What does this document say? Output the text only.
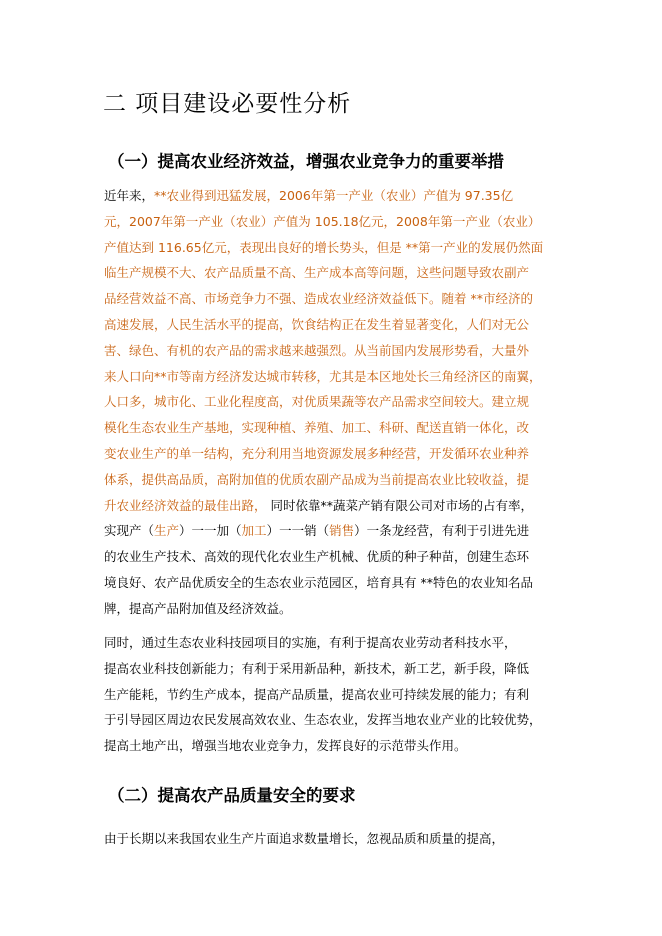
二 项目建设必要性分析
（一）提高农业经济效益，增强农业竞争力的重要举措
近年来，**农业得到迅猛发展，2006年第一产业（农业）产值为 97.35亿
元，2007年第一产业（农业）产值为 105.18亿元，2008年第一产业（农业）
产值达到 116.65亿元，表现出良好的增长势头，但是 **第一产业的发展仍然面
临生产规模不大、农产品质量不高、生产成本高等问题，这些问题导致农副产
品经营效益不高、市场竞争力不强、造成农业经济效益低下。随着 **市经济的
高速发展，人民生活水平的提高，饮食结构正在发生着显著变化，人们对无公
害、绿色、有机的农产品的需求越来越强烈。从当前国内发展形势看，大量外
来人口向**市等南方经济发达城市转移，尤其是本区地处长三角经济区的南翼，
人口多，城市化、工业化程度高，对优质果蔬等农产品需求空间较大。建立规
模化生态农业生产基地，实现种植、养殖、加工、科研、配送直销一体化，改
变农业生产的单一结构，充分利用当地资源发展多种经营，开发循环农业种养
体系，提供高品质，高附加值的优质农副产品成为当前提高农业比较收益，提
升农业经济效益的最佳出路， 同时依靠**蔬菜产销有限公司对市场的占有率，
实现产（生产）一一加（加工）一一销（销售）一条龙经营，有利于引进先进
的农业生产技术、高效的现代化农业生产机械、优质的种子种苗，创建生态环
境良好、农产品优质安全的生态农业示范园区，培育具有 **特色的农业知名品
牌，提高产品附加值及经济效益。
同时，通过生态农业科技园项目的实施，有利于提高农业劳动者科技水平，
提高农业科技创新能力；有利于采用新品种，新技术，新工艺，新手段，降低
生产能耗，节约生产成本，提高产品质量，提高农业可持续发展的能力；有利
于引导园区周边农民发展高效农业、生态农业，发挥当地农业产业的比较优势，
提高土地产出，增强当地农业竞争力，发挥良好的示范带头作用。
（二）提高农产品质量安全的要求
由于长期以来我国农业生产片面追求数量增长，忽视品质和质量的提高，
